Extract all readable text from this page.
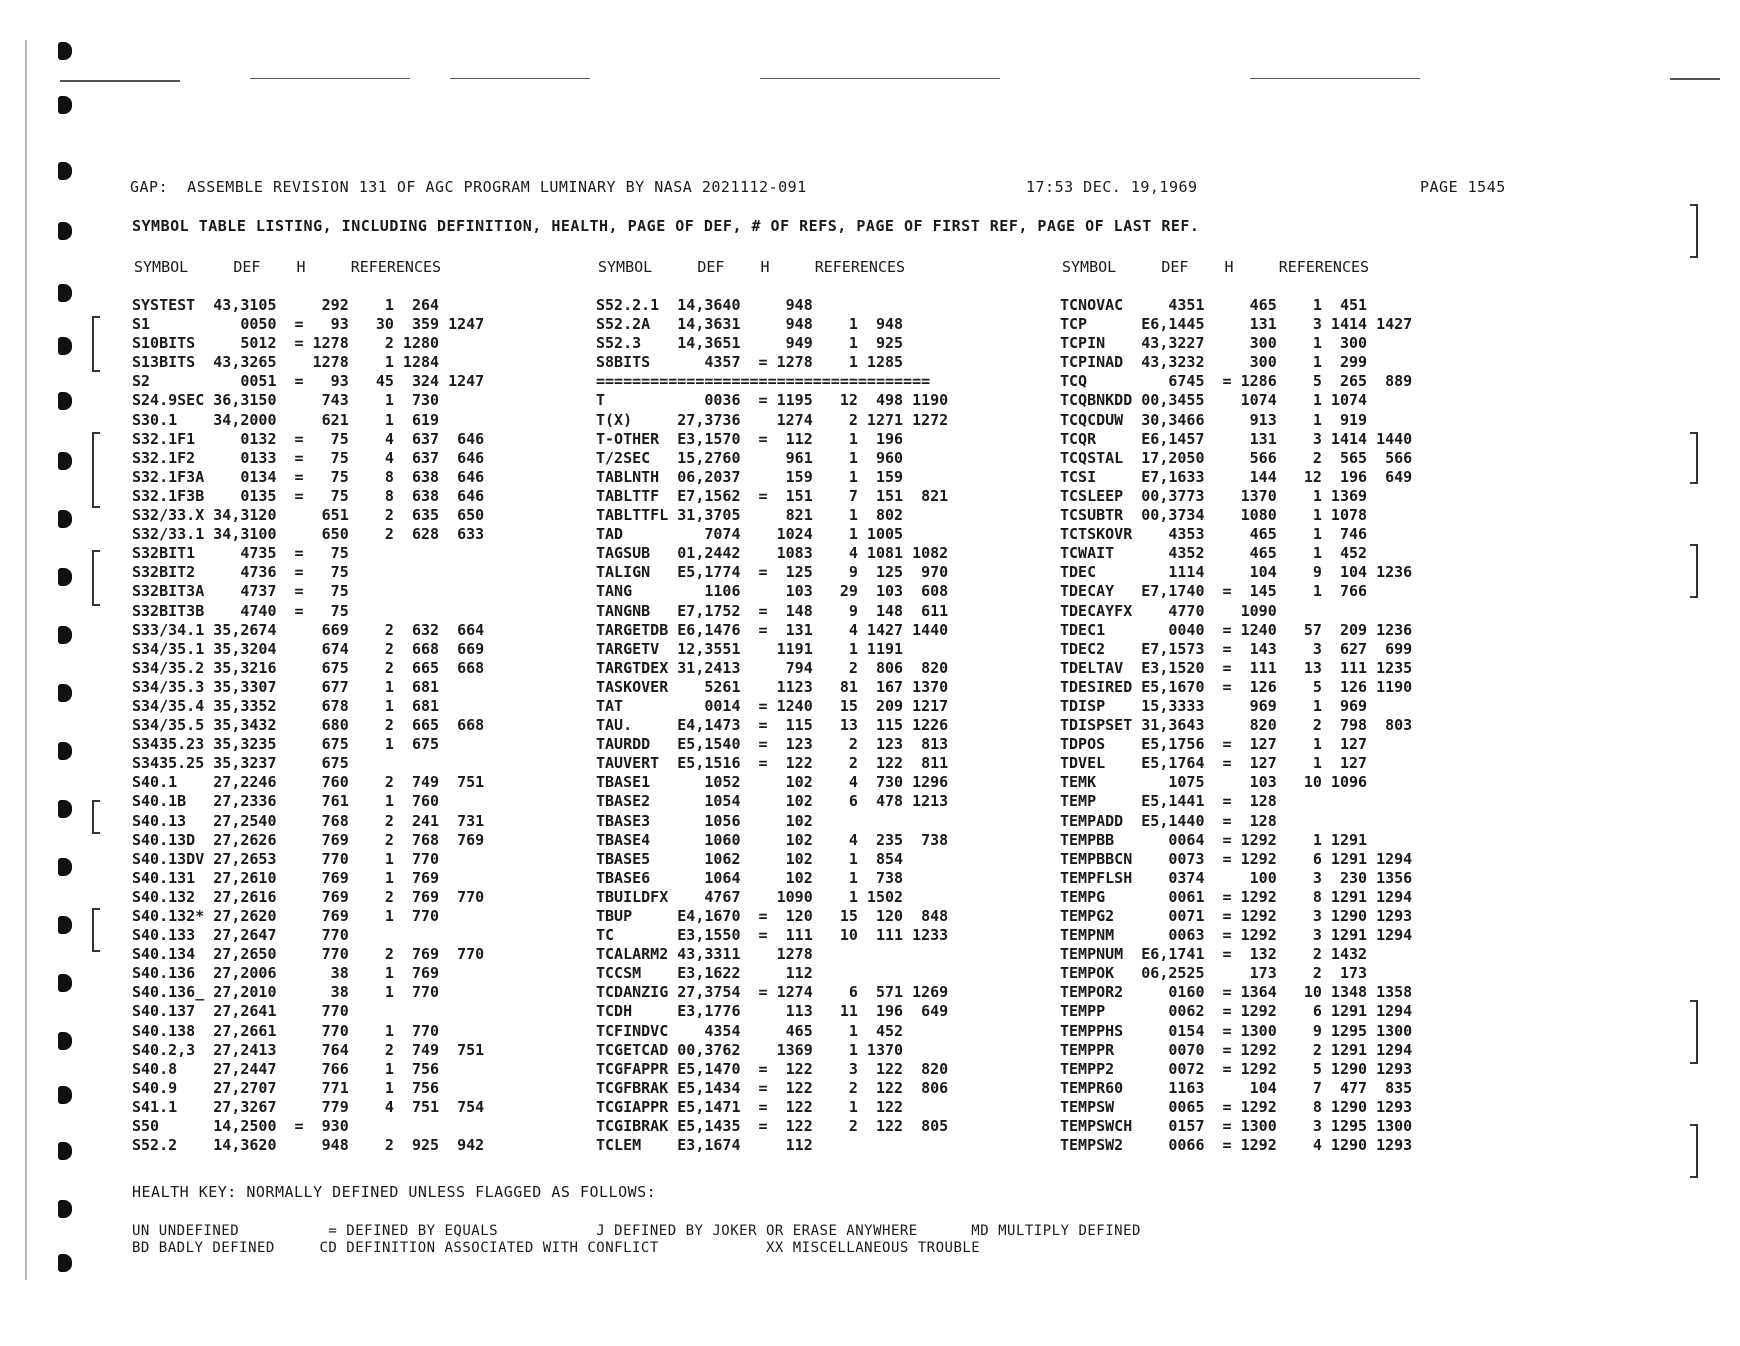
GAP:  ASSEMBLE REVISION 131 OF AGC PROGRAM LUMINARY BY NASA 2021112-091	17:53 DEC. 19,1969	PAGE 1545
SYMBOL TABLE LISTING, INCLUDING DEFINITION, HEALTH, PAGE OF DEF, # OF REFS, PAGE OF FIRST REF, PAGE OF LAST REF.
SYMBOL     DEF    H     REFERENCES	SYMBOL     DEF    H     REFERENCES	SYMBOL     DEF    H     REFERENCES
SYSTEST  43,3105     292    1  264
S1          0050  =   93   30  359 1247
S10BITS     5012  = 1278    2 1280
S13BITS  43,3265    1278    1 1284
S2          0051  =   93   45  324 1247
S24.9SEC 36,3150     743    1  730
S30.1    34,2000     621    1  619
S32.1F1     0132  =   75    4  637  646
S32.1F2     0133  =   75    4  637  646
S32.1F3A    0134  =   75    8  638  646
S32.1F3B    0135  =   75    8  638  646
S32/33.X 34,3120     651    2  635  650
S32/33.1 34,3100     650    2  628  633
S32BIT1     4735  =   75
S32BIT2     4736  =   75
S32BIT3A    4737  =   75
S32BIT3B    4740  =   75
S33/34.1 35,2674     669    2  632  664
S34/35.1 35,3204     674    2  668  669
S34/35.2 35,3216     675    2  665  668
S34/35.3 35,3307     677    1  681
S34/35.4 35,3352     678    1  681
S34/35.5 35,3432     680    2  665  668
S3435.23 35,3235     675    1  675
S3435.25 35,3237     675
S40.1    27,2246     760    2  749  751
S40.1B   27,2336     761    1  760
S40.13   27,2540     768    2  241  731
S40.13D  27,2626     769    2  768  769
S40.13DV 27,2653     770    1  770
S40.131  27,2610     769    1  769
S40.132  27,2616     769    2  769  770
S40.132* 27,2620     769    1  770
S40.133  27,2647     770
S40.134  27,2650     770    2  769  770
S40.136  27,2006      38    1  769
S40.136_ 27,2010      38    1  770
S40.137  27,2641     770
S40.138  27,2661     770    1  770
S40.2,3  27,2413     764    2  749  751
S40.8    27,2447     766    1  756
S40.9    27,2707     771    1  756
S41.1    27,3267     779    4  751  754
S50      14,2500  =  930
S52.2    14,3620     948    2  925  942
S52.2.1  14,3640     948
S52.2A   14,3631     948    1  948
S52.3    14,3651     949    1  925
S8BITS      4357  = 1278    1 1285
=====================================
T           0036  = 1195   12  498 1190
T(X)     27,3736    1274    2 1271 1272
T-OTHER  E3,1570  =  112    1  196
T/2SEC   15,2760     961    1  960
TABLNTH  06,2037     159    1  159
TABLTTF  E7,1562  =  151    7  151  821
TABLTTFL 31,3705     821    1  802
TAD         7074    1024    1 1005
TAGSUB   01,2442    1083    4 1081 1082
TALIGN   E5,1774  =  125    9  125  970
TANG        1106     103   29  103  608
TANGNB   E7,1752  =  148    9  148  611
TARGETDB E6,1476  =  131    4 1427 1440
TARGETV  12,3551    1191    1 1191
TARGTDEX 31,2413     794    2  806  820
TASKOVER    5261    1123   81  167 1370
TAT         0014  = 1240   15  209 1217
TAU.     E4,1473  =  115   13  115 1226
TAURDD   E5,1540  =  123    2  123  813
TAUVERT  E5,1516  =  122    2  122  811
TBASE1      1052     102    4  730 1296
TBASE2      1054     102    6  478 1213
TBASE3      1056     102
TBASE4      1060     102    4  235  738
TBASE5      1062     102    1  854
TBASE6      1064     102    1  738
TBUILDFX    4767    1090    1 1502
TBUP     E4,1670  =  120   15  120  848
TC       E3,1550  =  111   10  111 1233
TCALARM2 43,3311    1278
TCCSM    E3,1622     112
TCDANZIG 27,3754  = 1274    6  571 1269
TCDH     E3,1776     113   11  196  649
TCFINDVC    4354     465    1  452
TCGETCAD 00,3762    1369    1 1370
TCGFAPPR E5,1470  =  122    3  122  820
TCGFBRAK E5,1434  =  122    2  122  806
TCGIAPPR E5,1471  =  122    1  122
TCGIBRAK E5,1435  =  122    2  122  805
TCLEM    E3,1674     112
TCNOVAC     4351     465    1  451
TCP      E6,1445     131    3 1414 1427
TCPIN    43,3227     300    1  300
TCPINAD  43,3232     300    1  299
TCQ         6745  = 1286    5  265  889
TCQBNKDD 00,3455    1074    1 1074
TCQCDUW  30,3466     913    1  919
TCQR     E6,1457     131    3 1414 1440
TCQSTAL  17,2050     566    2  565  566
TCSI     E7,1633     144   12  196  649
TCSLEEP  00,3773    1370    1 1369
TCSUBTR  00,3734    1080    1 1078
TCTSKOVR    4353     465    1  746
TCWAIT      4352     465    1  452
TDEC        1114     104    9  104 1236
TDECAY   E7,1740  =  145    1  766
TDECAYFX    4770    1090
TDEC1       0040  = 1240   57  209 1236
TDEC2    E7,1573  =  143    3  627  699
TDELTAV  E3,1520  =  111   13  111 1235
TDESIRED E5,1670  =  126    5  126 1190
TDISP    15,3333     969    1  969
TDISPSET 31,3643     820    2  798  803
TDPOS    E5,1756  =  127    1  127
TDVEL    E5,1764  =  127    1  127
TEMK        1075     103   10 1096
TEMP     E5,1441  =  128
TEMPADD  E5,1440  =  128
TEMPBB      0064  = 1292    1 1291
TEMPBBCN    0073  = 1292    6 1291 1294
TEMPFLSH    0374     100    3  230 1356
TEMPG       0061  = 1292    8 1291 1294
TEMPG2      0071  = 1292    3 1290 1293
TEMPNM      0063  = 1292    3 1291 1294
TEMPNUM  E6,1741  =  132    2 1432
TEMPOK   06,2525     173    2  173
TEMPOR2     0160  = 1364   10 1348 1358
TEMPP       0062  = 1292    6 1291 1294
TEMPPHS     0154  = 1300    9 1295 1300
TEMPPR      0070  = 1292    2 1291 1294
TEMPP2      0072  = 1292    5 1290 1293
TEMPR60     1163     104    7  477  835
TEMPSW      0065  = 1292    8 1290 1293
TEMPSWCH    0157  = 1300    3 1295 1300
TEMPSW2     0066  = 1292    4 1290 1293
HEALTH KEY: NORMALLY DEFINED UNLESS FLAGGED AS FOLLOWS:
UN UNDEFINED          = DEFINED BY EQUALS           J DEFINED BY JOKER OR ERASE ANYWHERE      MD MULTIPLY DEFINED
BD BADLY DEFINED     CD DEFINITION ASSOCIATED WITH CONFLICT            XX MISCELLANEOUS TROUBLE
